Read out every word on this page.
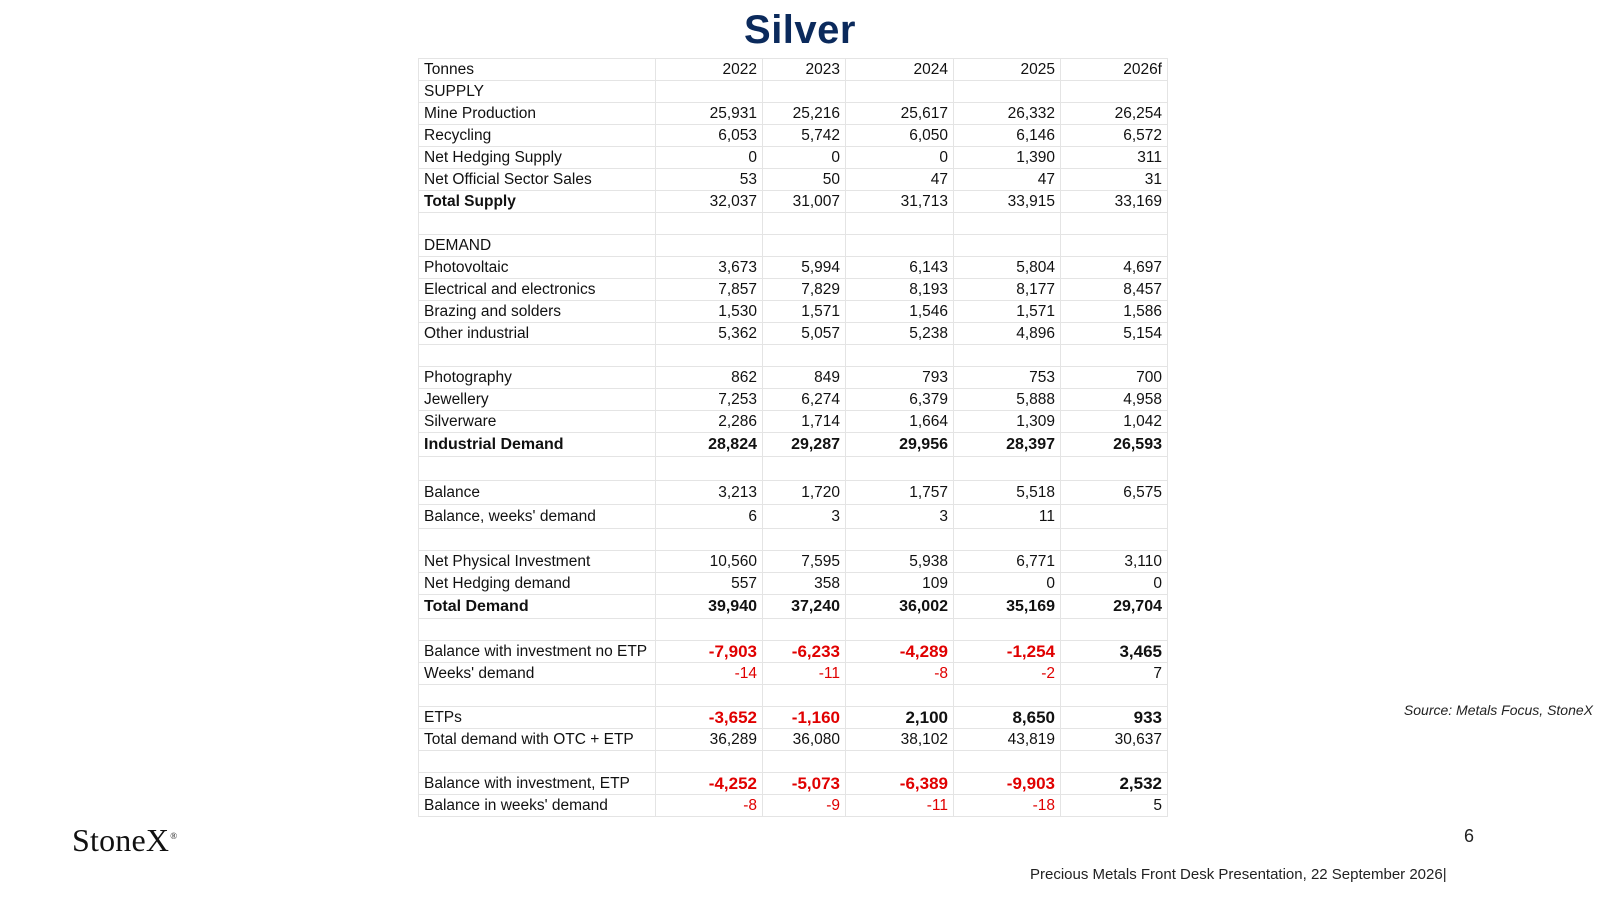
Silver
Tonnes	2022	2023	2024	2025	2026f
SUPPLY					
Mine Production	25,931	25,216	25,617	26,332	26,254
Recycling	6,053	5,742	6,050	6,146	6,572
Net Hedging Supply	0	0	0	1,390	311
Net Official Sector Sales	53	50	47	47	31
Total Supply	32,037	31,007	31,713	33,915	33,169

DEMAND					
Photovoltaic	3,673	5,994	6,143	5,804	4,697
Electrical and electronics	7,857	7,829	8,193	8,177	8,457
Brazing and solders	1,530	1,571	1,546	1,571	1,586
Other industrial	5,362	5,057	5,238	4,896	5,154

Photography	862	849	793	753	700
Jewellery	7,253	6,274	6,379	5,888	4,958
Silverware	2,286	1,714	1,664	1,309	1,042
Industrial Demand	28,824	29,287	29,956	28,397	26,593

Balance	3,213	1,720	1,757	5,518	6,575
Balance, weeks' demand	6	3	3	11	

Net Physical Investment	10,560	7,595	5,938	6,771	3,110
Net Hedging demand	557	358	109	0	0
Total Demand	39,940	37,240	36,002	35,169	29,704

Balance with investment no ETP	-7,903	-6,233	-4,289	-1,254	3,465
Weeks' demand	-14	-11	-8	-2	7

ETPs	-3,652	-1,160	2,100	8,650	933
Total demand with OTC + ETP	36,289	36,080	38,102	43,819	30,637

Balance with investment, ETP	-4,252	-5,073	-6,389	-9,903	2,532
Balance in weeks' demand	-8	-9	-11	-18	5
Source: Metals Focus, StoneX
StoneX®	6
Precious Metals Front Desk Presentation, 22 September 2026|
